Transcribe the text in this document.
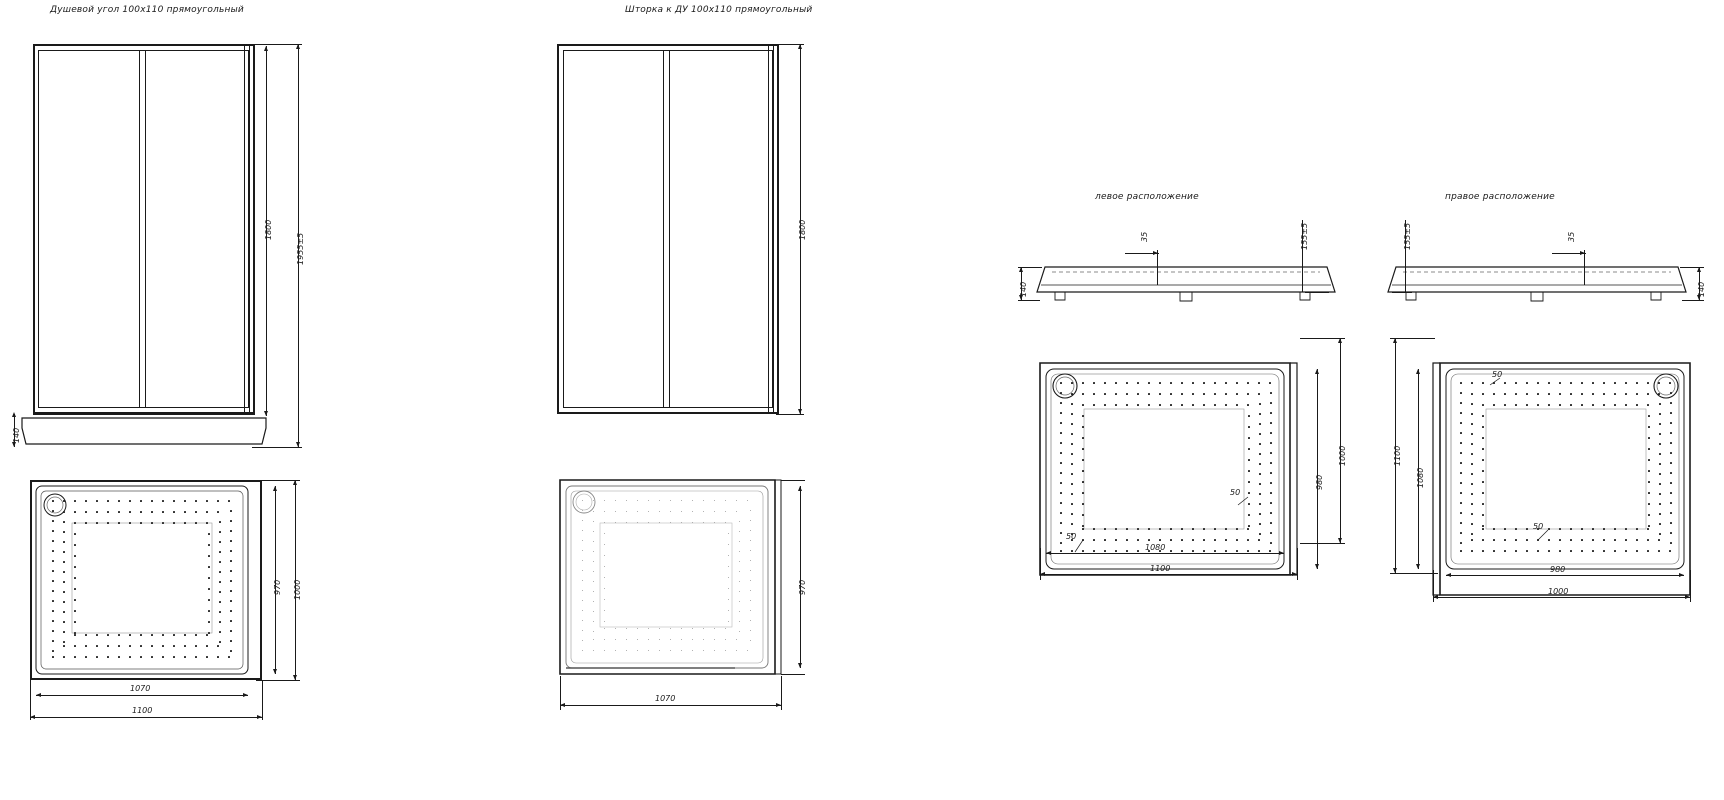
Душевой угол 100х110 прямоугольный
1800
1955±5
140
970 1000
1070
1100
Шторка к ДУ 100х110 прямоугольный
1800
970
1070
левое расположение
35	155±5
140
50
50
980
1000
1080
1100
правое расположение
35
155±5
140
50
50
1080
1100
980
1000
